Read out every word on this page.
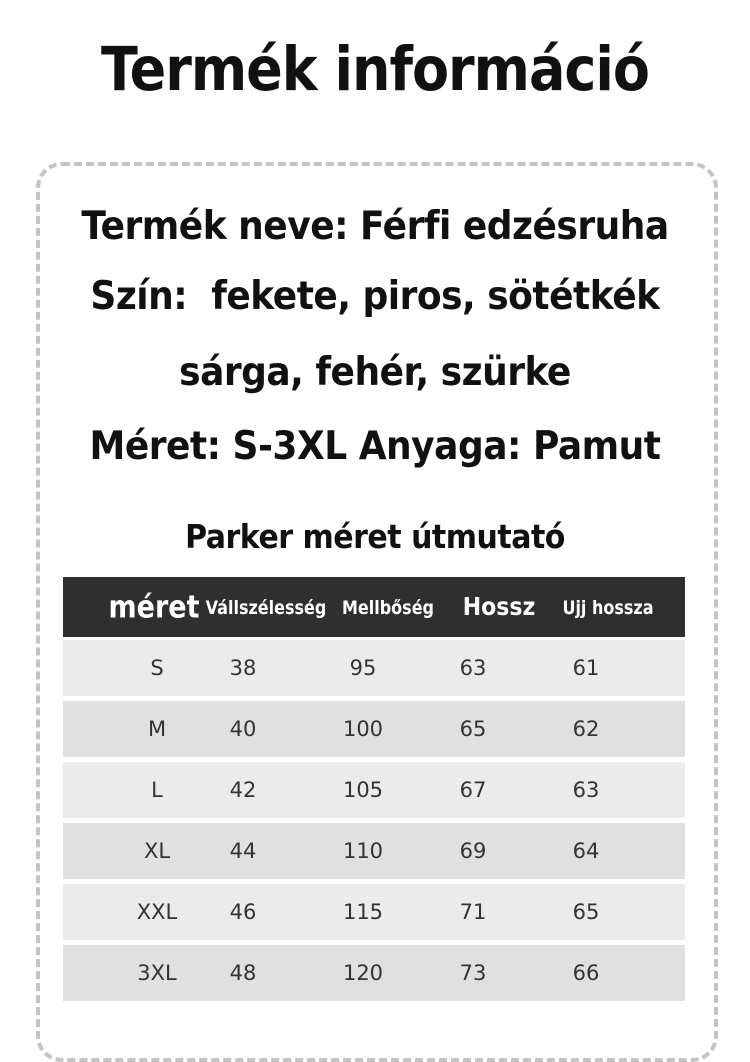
Termék információ
Termék neve: Férfi edzésruha
Szín:  fekete, piros, sötétkék
sárga, fehér, szürke
Méret: S-3XL Anyaga: Pamut
Parker méret útmutató
méret Vállszélesség Mellbőség	Hossz	Ujj hossza
S	38	95	63	61
M	40	100	65	62
L	42	105	67	63
XL	44	110	69	64
XXL	46	115	71	65
3XL	48	120	73	66
